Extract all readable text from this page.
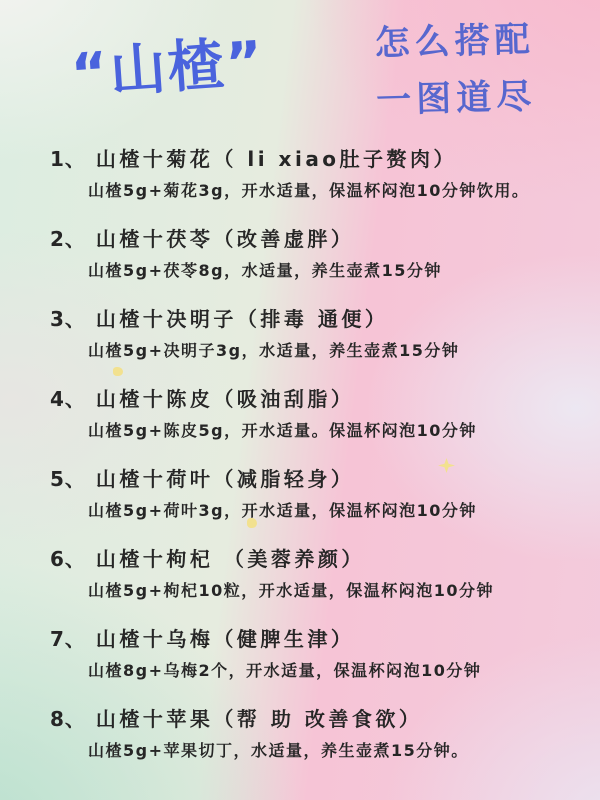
“山楂”	怎么搭配
一图道尽
1、 山楂十菊花（ li xiao肚子赘肉）
山楂5g+菊花3g，开水适量，保温杯闷泡10分钟饮用。
2、 山楂十茯苓（改善虚胖）
山楂5g+茯苓8g，水适量，养生壶煮15分钟
3、 山楂十决明子（排毒 通便）
山楂5g+决明子3g，水适量，养生壶煮15分钟
4、 山楂十陈皮（吸油刮脂）
山楂5g+陈皮5g，开水适量。保温杯闷泡10分钟
5、 山楂十荷叶（减脂轻身）
山楂5g+荷叶3g，开水适量，保温杯闷泡10分钟
6、 山楂十枸杞 （美蓉养颜）
山楂5g+枸杞10粒，开水适量，保温杯闷泡10分钟
7、 山楂十乌梅（健脾生津）
山楂8g+乌梅2个，开水适量，保温杯闷泡10分钟
8、 山楂十苹果（帮 助 改善食欲）
山楂5g+苹果切丁，水适量，养生壶煮15分钟。
